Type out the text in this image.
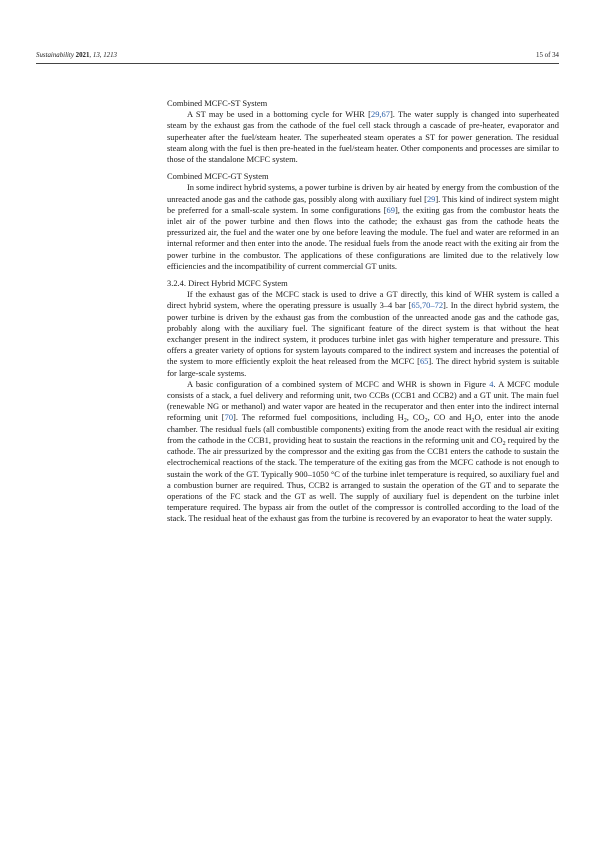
Sustainability 2021, 13, 1213	15 of 34
Combined MCFC-ST System

A ST may be used in a bottoming cycle for WHR [29,67]. The water supply is changed into superheated steam by the exhaust gas from the cathode of the fuel cell stack through a cascade of pre-heater, evaporator and superheater after the fuel/steam heater. The superheated steam operates a ST for power generation. The residual steam along with the fuel is then pre-heated in the fuel/steam heater. Other components and processes are similar to those of the standalone MCFC system.

Combined MCFC-GT System

In some indirect hybrid systems, a power turbine is driven by air heated by energy from the combustion of the unreacted anode gas and the cathode gas, possibly along with auxiliary fuel [29]. This kind of indirect system might be preferred for a small-scale system. In some configurations [69], the exiting gas from the combustor heats the inlet air of the power turbine and then flows into the cathode; the exhaust gas from the cathode heats the pressurized air, the fuel and the water one by one before leaving the module. The fuel and water are reformed in an internal reformer and then enter into the anode. The residual fuels from the anode react with the exiting air from the power turbine in the combustor. The applications of these configurations are limited due to the relatively low efficiencies and the incompatibility of current commercial GT units.

3.2.4. Direct Hybrid MCFC System

If the exhaust gas of the MCFC stack is used to drive a GT directly, this kind of WHR system is called a direct hybrid system, where the operating pressure is usually 3–4 bar [65,70–72]. In the direct hybrid system, the power turbine is driven by the exhaust gas from the combustion of the unreacted anode gas and the cathode gas, probably along with the auxiliary fuel. The significant feature of the direct system is that without the heat exchanger present in the indirect system, it produces turbine inlet gas with higher temperature and pressure. This offers a greater variety of options for system layouts compared to the indirect system and increases the potential of the system to more efficiently exploit the heat released from the MCFC [65]. The direct hybrid system is suitable for large-scale systems.

A basic configuration of a combined system of MCFC and WHR is shown in Figure 4. A MCFC module consists of a stack, a fuel delivery and reforming unit, two CCBs (CCB1 and CCB2) and a GT unit. The main fuel (renewable NG or methanol) and water vapor are heated in the recuperator and then enter into the indirect internal reforming unit [70]. The reformed fuel compositions, including $H_2$, $CO_2$, CO and $H_2O$, enter into the anode chamber. The residual fuels (all combustible components) exiting from the anode react with the residual air exiting from the cathode in the CCB1, providing heat to sustain the reactions in the reforming unit and $CO_2$ required by the cathode. The air pressurized by the compressor and the exiting gas from the CCB1 enters the cathode to sustain the electrochemical reactions of the stack. The temperature of the exiting gas from the MCFC cathode is not enough to sustain the work of the GT. Typically 900–1050 °C of the turbine inlet temperature is required, so auxiliary fuel and a combustion burner are required. Thus, CCB2 is arranged to sustain the operation of the GT and to separate the operations of the FC stack and the GT as well. The supply of auxiliary fuel is dependent on the turbine inlet temperature required. The bypass air from the outlet of the compressor is controlled according to the load of the stack. The residual heat of the exhaust gas from the turbine is recovered by an evaporator to heat the water supply.
